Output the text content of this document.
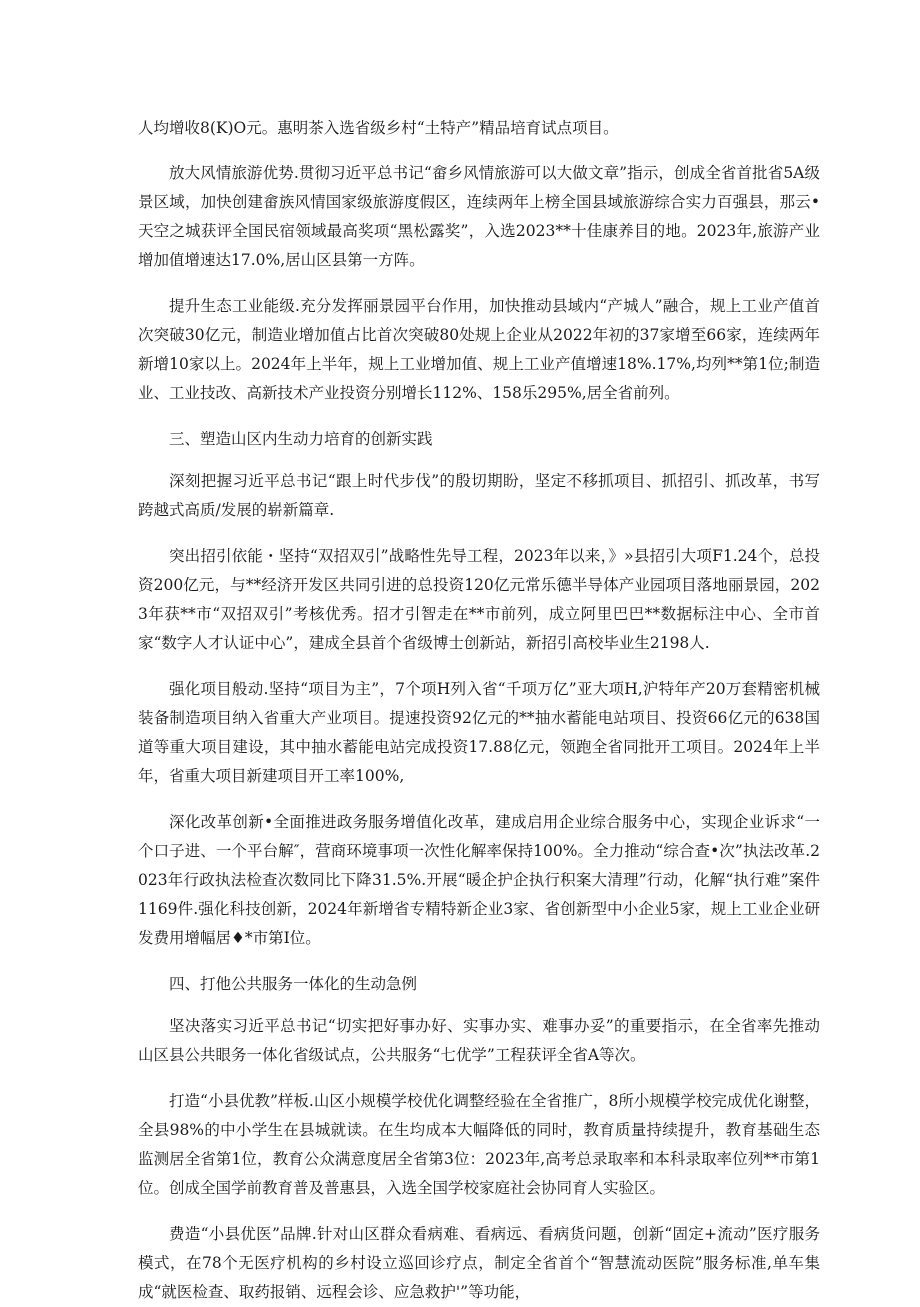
人均增收8(K)O元。惠明茶入选省级乡村“土特产”精品培育试点项目。

放大风情旅游优势.贯彻习近平总书记“畲乡风情旅游可以大做文章”指示，创成全省首批省5A级景区域，加快创建畲族风情国家级旅游度假区，连续两年上榜全国县域旅游综合实力百强县，那云•天空之城获评全国民宿领域最高奖项“黑松露奖”，入选2023**十佳康养目的地。2023年,旅游产业增加值增速达17.0%,居山区县第一方阵。

提升生态工业能级.充分发挥丽景园平台作用，加快推动县域内“产城人”融合，规上工业产值首次突破30亿元，制造业增加值占比首次突破80处规上企业从2022年初的37家增至66家，连续两年新增10家以上。2024年上半年，规上工业增加值、规上工业产值增速18%.17%,均列**第1位;制造业、工业技改、高新技术产业投资分别增长112%、158乐295%,居全省前列。

三、塑造山区内生动力培育的创新实践

深刻把握习近平总书记“跟上时代步伐”的殷切期盼，坚定不移抓项目、抓招引、抓改革，书写跨越式高质/发展的崭新篇章.

突出招引依能・坚持“双招双引”战略性先导工程，2023年以来，》»县招引大项F1.24个，总投资200亿元，与**经济开发区共同引进的总投资120亿元常乐德半导体产业园项目落地丽景园，2023年获**市“双招双引”考核优秀。招才引智走在**市前列，成立阿里巴巴**数据标注中心、全市首家“数字人才认证中心”，建成全县首个省级博士创新站，新招引高校毕业生2198人.

强化项目般动.坚持“项目为主”，7个项H列入省“千项万亿”亚大项H,沪特年产20万套精密机械装备制造项目纳入省重大产业项目。提速投资92亿元的**抽水蓄能电站项目、投资66亿元的638国道等重大项目建设，其中抽水蓄能电站完成投资17.88亿元，领跑全省同批开工项目。2024年上半年，省重大项目新建项目开工率100%,

深化改革创新•全面推进政务服务增值化改革，建成启用企业综合服务中心，实现企业诉求“一个口子进、一个平台解″，营商环境事项一次性化解率保持100%。全力推动“综合查•次”执法改革.2023年行政执法检查次数同比下降31.5%.开展“暖企护企执行积案大清理”行动，化解“执行难”案件1169件.强化科技创新，2024年新增省专精特新企业3家、省创新型中小企业5家，规上工业企业研发费用增幅居♦*市第I位。

四、打他公共服务一体化的生动急例

坚决落实习近平总书记“切实把好事办好、实事办实、难事办妥”的重要指示，在全省率先推动山区县公共眼务一体化省级试点，公共服务“七优学”工程获评全省A等次。

打造“小县优教”样板.山区小规模学校优化调整经验在全省推广，8所小规模学校完成优化谢整，全县98%的中小学生在县城就读。在生均成本大幅降低的同时，教育质量持续提升，教育基础生态监测居全省第1位，教育公众满意度居全省第3位：2023年,高考总录取率和本科录取率位列**市第1位。创成全国学前教育普及普惠县，入选全国学校家庭社会协同育人实验区。

费造“小县优医”品牌.针对山区群众看病难、看病远、看病货问题，创新“固定+流动”医疗服务模式，在78个无医疗机构的乡村设立巡回诊疗点，制定全省首个“智慧流动医院”服务标准,单车集成“就医检查、取药报销、远程会诊、应急救护'”等功能，
